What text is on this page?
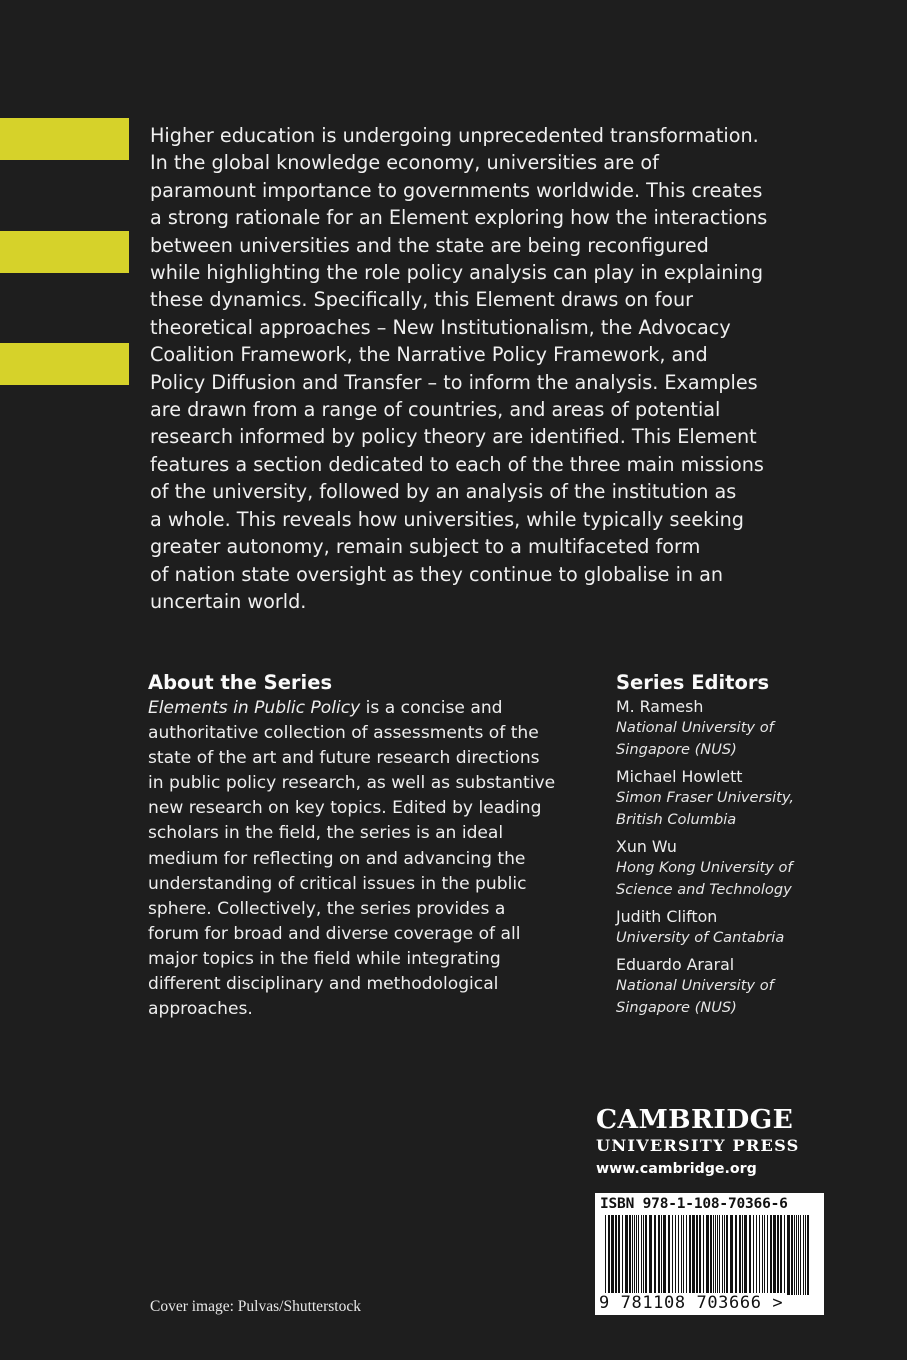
Higher education is undergoing unprecedented transformation.
In the global knowledge economy, universities are of
paramount importance to governments worldwide. This creates
a strong rationale for an Element exploring how the interactions
between universities and the state are being reconfigured
while highlighting the role policy analysis can play in explaining
these dynamics. Specifically, this Element draws on four
theoretical approaches – New Institutionalism, the Advocacy
Coalition Framework, the Narrative Policy Framework, and
Policy Diffusion and Transfer – to inform the analysis. Examples
are drawn from a range of countries, and areas of potential
research informed by policy theory are identified. This Element
features a section dedicated to each of the three main missions
of the university, followed by an analysis of the institution as
a whole. This reveals how universities, while typically seeking
greater autonomy, remain subject to a multifaceted form
of nation state oversight as they continue to globalise in an
uncertain world.

About the Series

Elements in Public Policy is a concise and
authoritative collection of assessments of the
state of the art and future research directions
in public policy research, as well as substantive
new research on key topics. Edited by leading
scholars in the field, the series is an ideal
medium for reflecting on and advancing the
understanding of critical issues in the public
sphere. Collectively, the series provides a
forum for broad and diverse coverage of all
major topics in the field while integrating
different disciplinary and methodological
approaches.

Series Editors
M. Ramesh
National University of
Singapore (NUS)
Michael Howlett
Simon Fraser University,
British Columbia
Xun Wu
Hong Kong University of
Science and Technology
Judith Clifton
University of Cantabria
Eduardo Araral
National University of
Singapore (NUS)
CAMBRIDGE
UNIVERSITY PRESS
www.cambridge.org
ISBN 978-1-108-70366-6
9 781108 703666 >
Cover image: Pulvas/Shutterstock
